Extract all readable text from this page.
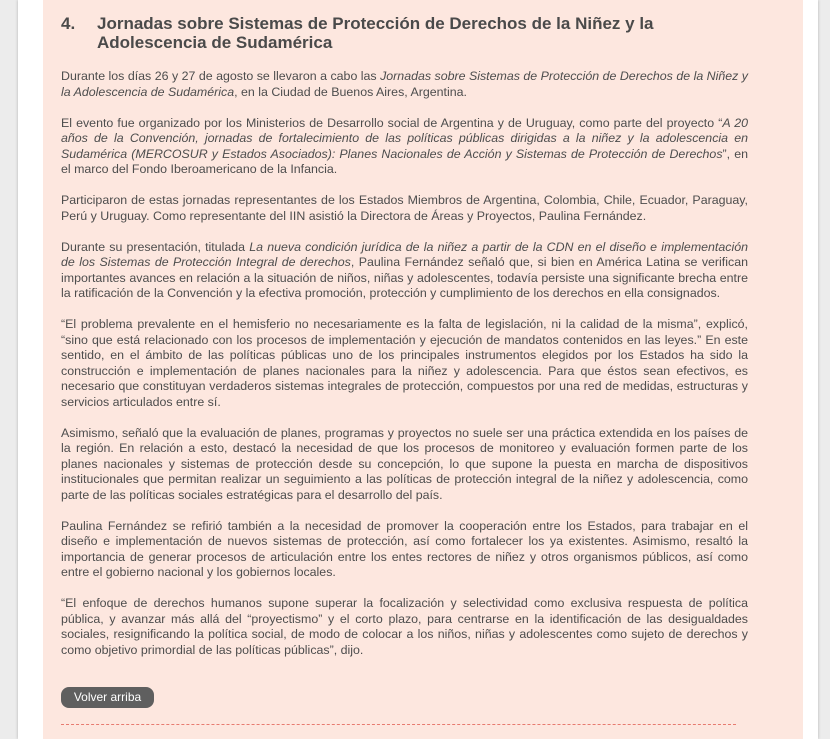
4. Jornadas sobre Sistemas de Protección de Derechos de la Niñez y la Adolescencia de Sudamérica

Durante los días 26 y 27 de agosto se llevaron a cabo las Jornadas sobre Sistemas de Protección de Derechos de la Niñez y la Adolescencia de Sudamérica, en la Ciudad de Buenos Aires, Argentina.

El evento fue organizado por los Ministerios de Desarrollo social de Argentina y de Uruguay, como parte del proyecto “A 20 años de la Convención, jornadas de fortalecimiento de las políticas públicas dirigidas a la niñez y la adolescencia en Sudamérica (MERCOSUR y Estados Asociados): Planes Nacionales de Acción y Sistemas de Protección de Derechos”, en el marco del Fondo Iberoamericano de la Infancia.

Participaron de estas jornadas representantes de los Estados Miembros de Argentina, Colombia, Chile, Ecuador, Paraguay, Perú y Uruguay. Como representante del IIN asistió la Directora de Áreas y Proyectos, Paulina Fernández.

Durante su presentación, titulada La nueva condición jurídica de la niñez a partir de la CDN en el diseño e implementación de los Sistemas de Protección Integral de derechos, Paulina Fernández señaló que, si bien en América Latina se verifican importantes avances en relación a la situación de niños, niñas y adolescentes, todavía persiste una significante brecha entre la ratificación de la Convención y la efectiva promoción, protección y cumplimiento de los derechos en ella consignados.

“El problema prevalente en el hemisferio no necesariamente es la falta de legislación, ni la calidad de la misma”, explicó, “sino que está relacionado con los procesos de implementación y ejecución de mandatos contenidos en las leyes.” En este sentido, en el ámbito de las políticas públicas uno de los principales instrumentos elegidos por los Estados ha sido la construcción e implementación de planes nacionales para la niñez y adolescencia. Para que éstos sean efectivos, es necesario que constituyan verdaderos sistemas integrales de protección, compuestos por una red de medidas, estructuras y servicios articulados entre sí.

Asimismo, señaló que la evaluación de planes, programas y proyectos no suele ser una práctica extendida en los países de la región. En relación a esto, destacó la necesidad de que los procesos de monitoreo y evaluación formen parte de los planes nacionales y sistemas de protección desde su concepción, lo que supone la puesta en marcha de dispositivos institucionales que permitan realizar un seguimiento a las políticas de protección integral de la niñez y adolescencia, como parte de las políticas sociales estratégicas para el desarrollo del país.

Paulina Fernández se refirió también a la necesidad de promover la cooperación entre los Estados, para trabajar en el diseño e implementación de nuevos sistemas de protección, así como fortalecer los ya existentes. Asimismo, resaltó la importancia de generar procesos de articulación entre los entes rectores de niñez y otros organismos públicos, así como entre el gobierno nacional y los gobiernos locales.

“El enfoque de derechos humanos supone superar la focalización y selectividad como exclusiva respuesta de política pública, y avanzar más allá del “proyectismo” y el corto plazo, para centrarse en la identificación de las desigualdades sociales, resignificando la política social, de modo de colocar a los niños, niñas y adolescentes como sujeto de derechos y como objetivo primordial de las políticas públicas”, dijo.

Volver arriba
